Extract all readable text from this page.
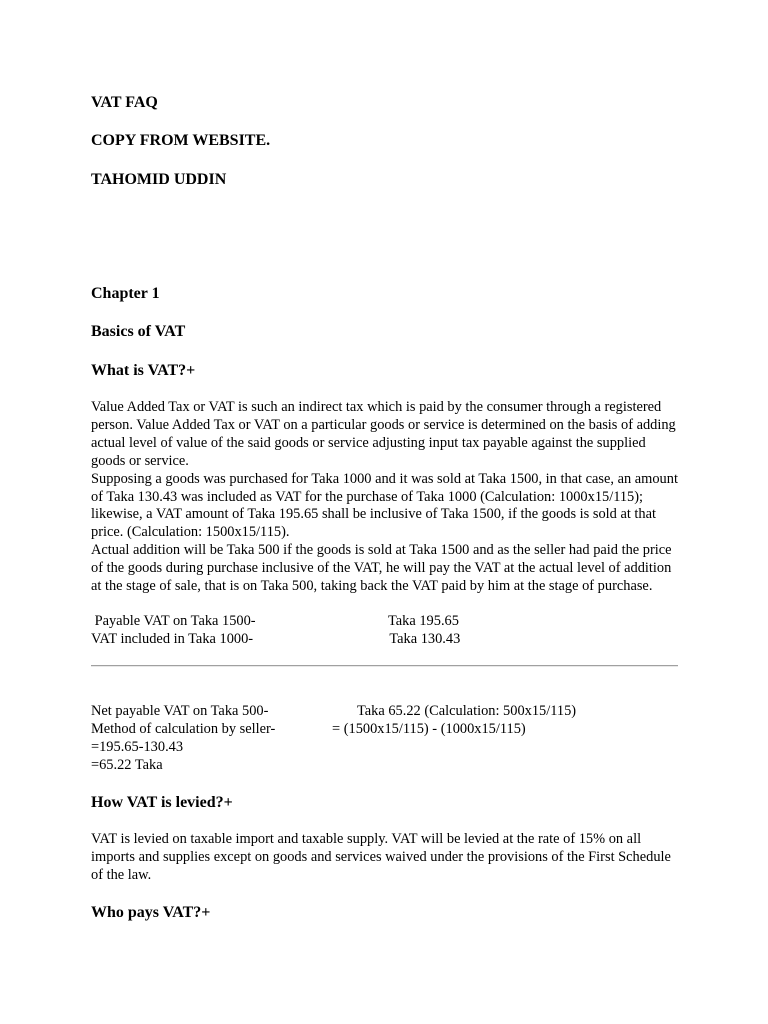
VAT FAQ
COPY FROM WEBSITE.
TAHOMID UDDIN
Chapter 1
Basics of VAT
What is VAT?+

Value Added Tax or VAT is such an indirect tax which is paid by the consumer through a registered person. Value Added Tax or VAT on a particular goods or service is determined on the basis of adding actual level of value of the said goods or service adjusting input tax payable against the supplied goods or service.

Supposing a goods was purchased for Taka 1000 and it was sold at Taka 1500, in that case, an amount of Taka 130.43 was included as VAT for the purchase of Taka 1000 (Calculation: 1000x15/115); likewise, a VAT amount of Taka 195.65 shall be inclusive of Taka 1500, if the goods is sold at that price. (Calculation: 1500x15/115).

Actual addition will be Taka 500 if the goods is sold at Taka 1500 and as the seller had paid the price of the goods during purchase inclusive of the VAT, he will pay the VAT at the actual level of addition at the stage of sale, that is on Taka 500, taking back the VAT paid by him at the stage of purchase.

Payable VAT on Taka 1500-	Taka 195.65
VAT included in Taka 1000-	Taka 130.43
Net payable VAT on Taka 500-	Taka 65.22 (Calculation: 500x15/115)
Method of calculation by seller-	= (1500x15/115) - (1000x15/115)
=195.65-130.43
=65.22 Taka
How VAT is levied?+

VAT is levied on taxable import and taxable supply. VAT will be levied at the rate of 15% on all imports and supplies except on goods and services waived under the provisions of the First Schedule of the law.

Who pays VAT?+
